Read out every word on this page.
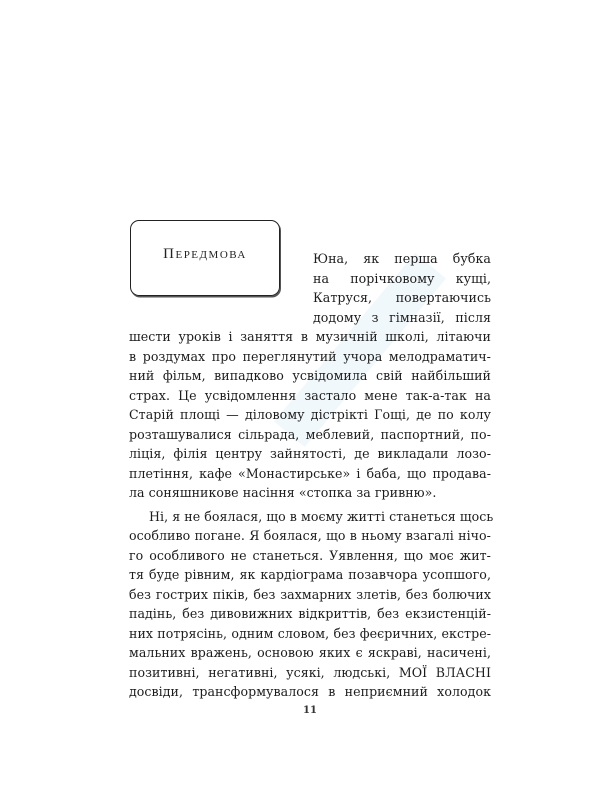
Передмова	Юна, як перша бубка
на порічковому кущі,
Катруся, повертаючись
додому з гімназії, після
шести уроків і заняття в музичній школі, літаючи
в роздумах про переглянутий учора мелодраматич-
ний фільм, випадково усвідомила свій найбільший
страх. Це усвідомлення застало мене так-а-так на
Старій площі — діловому дістрікті Гощі, де по колу
розташувалися сільрада, меблевий, паспортний, по-
ліція, філія центру зайнятості, де викладали лозо-
плетіння, кафе «Монастирське» і баба, що продава-
ла соняшникове насіння «стопка за гривню».
Ні, я не боялася, що в моєму житті станеться щось
особливо погане. Я боялася, що в ньому взагалі нічо-
го особливого не станеться. Уявлення, що моє жит-
тя буде рівним, як кардіограма позавчора усопшого,
без гострих піків, без захмарних злетів, без болючих
падінь, без дивовижних відкриттів, без екзистенцій-
них потрясінь, одним словом, без феєричних, екстре-
мальних вражень, основою яких є яскраві, насичені,
позитивні, негативні, усякі, людські, МОЇ ВЛАСНІ
досвіди, трансформувалося в неприємний холодок
11
